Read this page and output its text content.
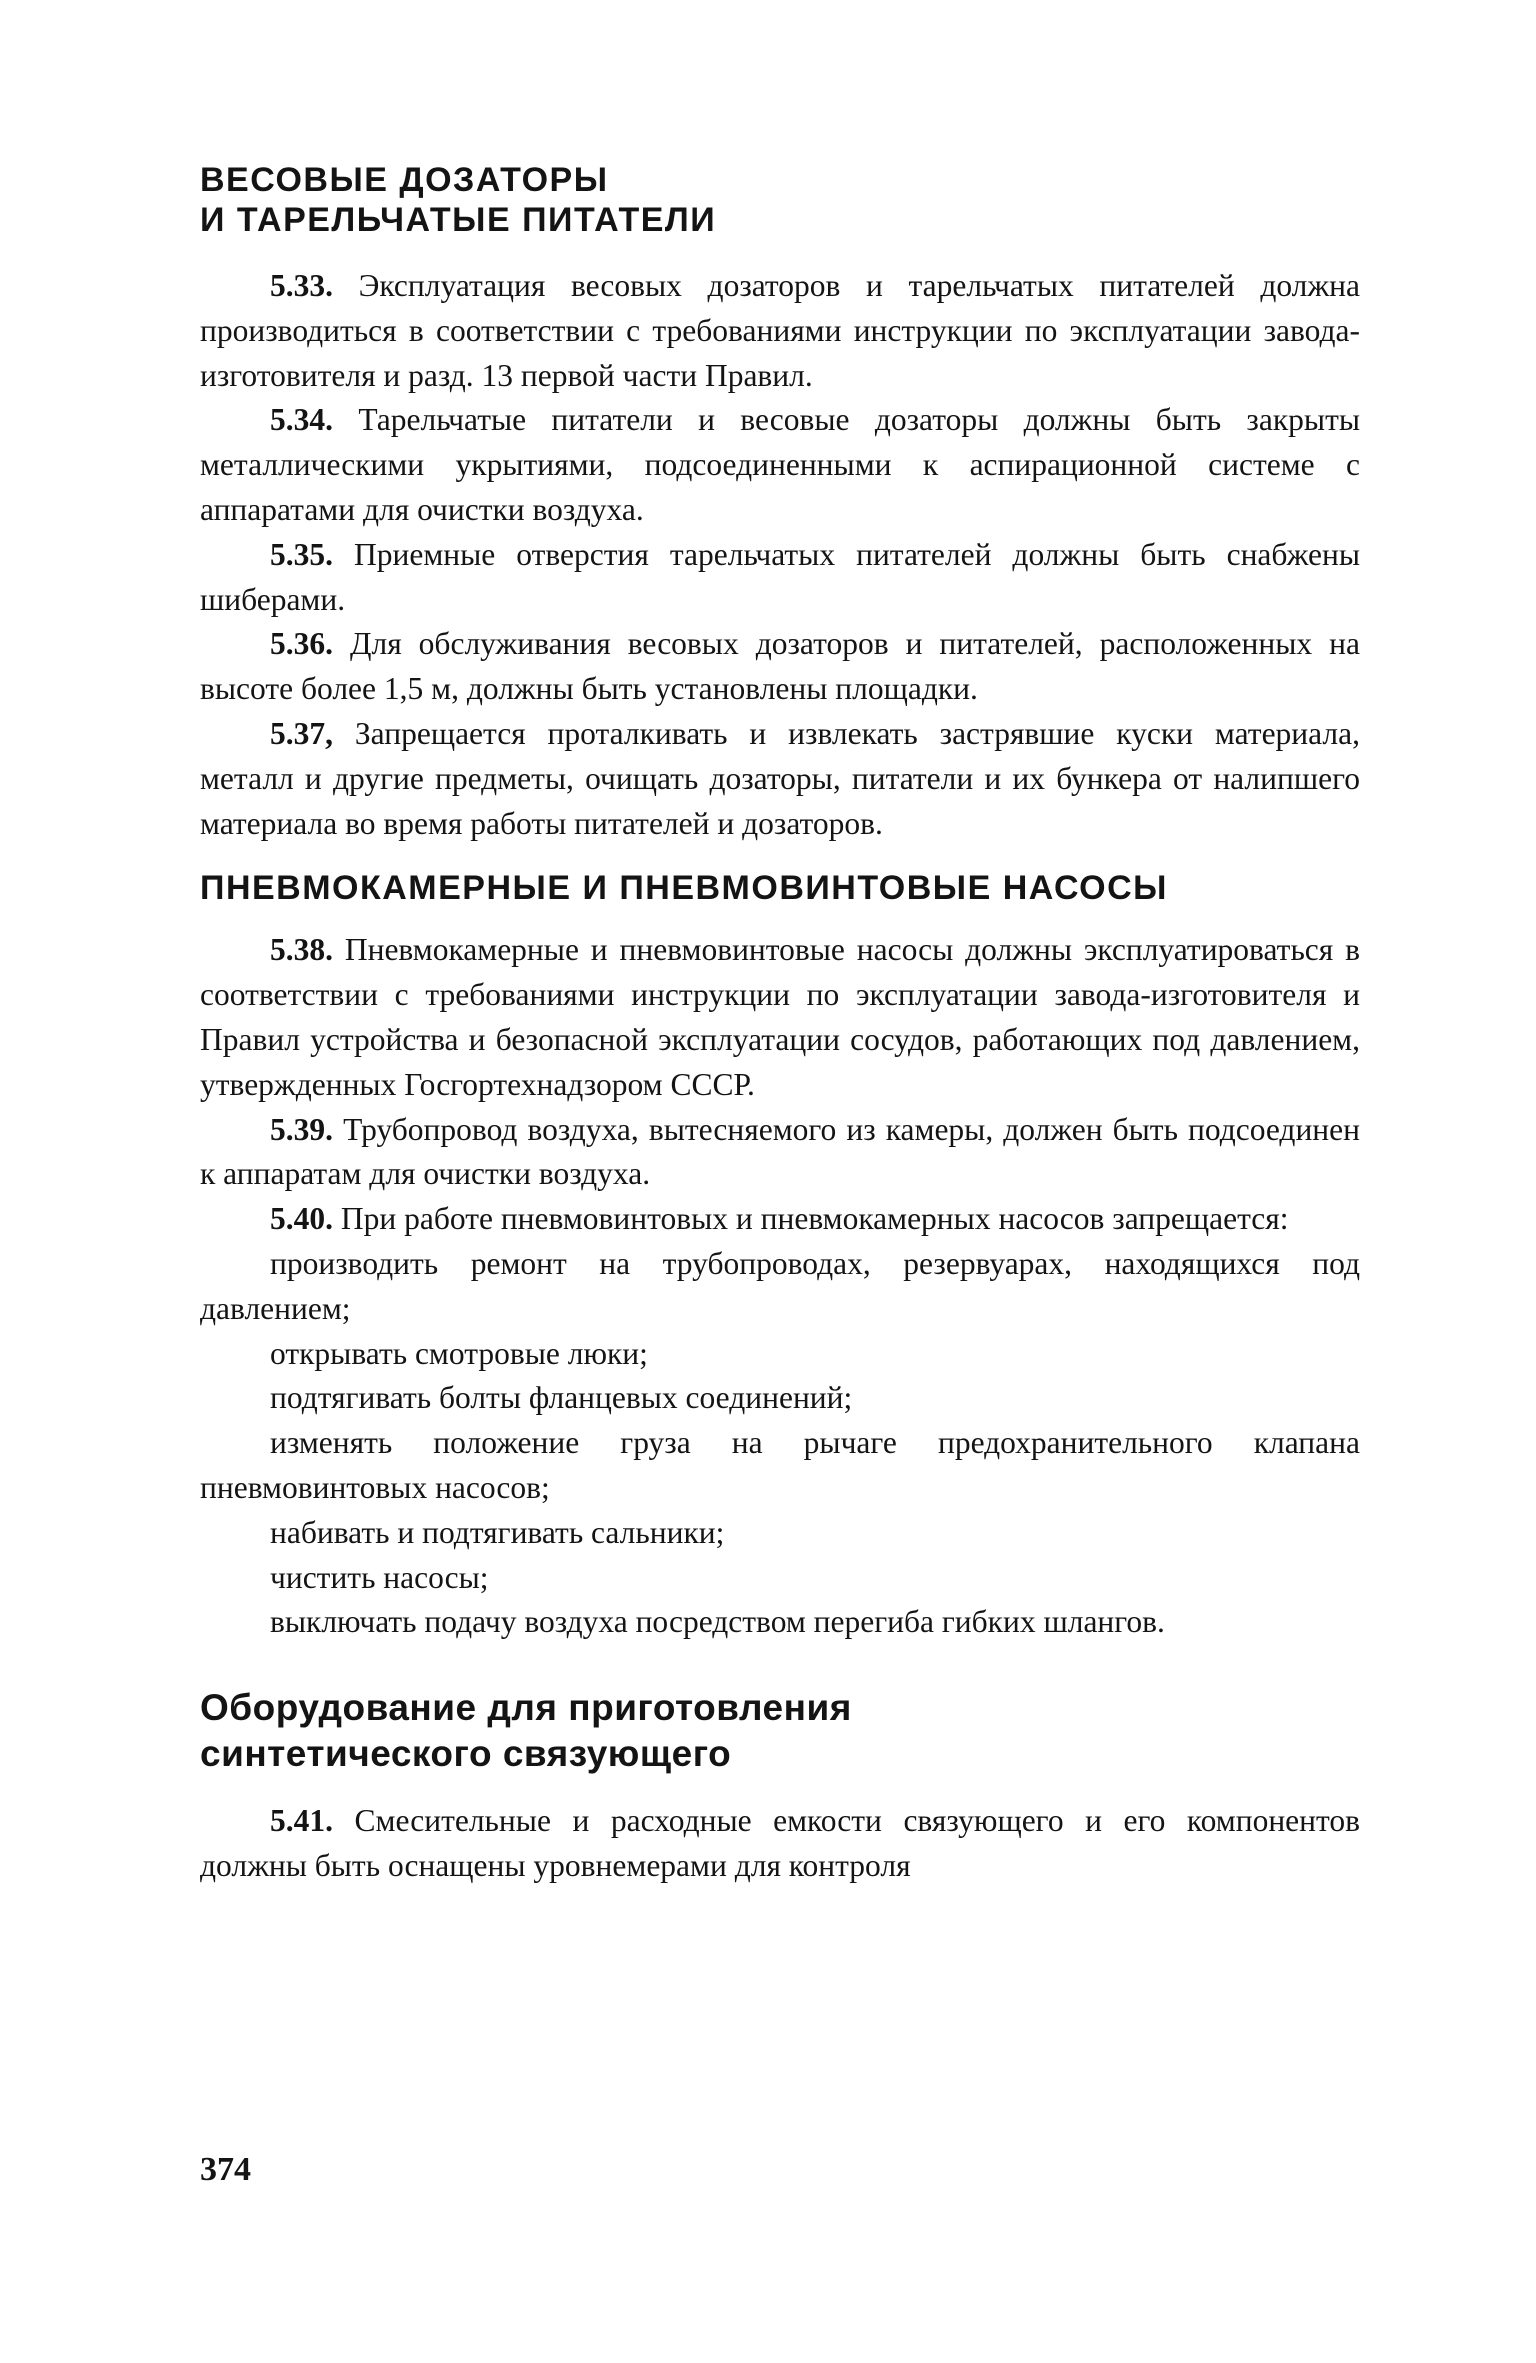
ВЕСОВЫЕ ДОЗАТОРЫ
И ТАРЕЛЬЧАТЫЕ ПИТАТЕЛИ

5.33. Эксплуатация весовых дозаторов и тарельчатых питателей должна производиться в соответствии с требованиями инструкции по эксплуатации завода-изготовителя и разд. 13 первой части Правил.

5.34. Тарельчатые питатели и весовые дозаторы должны быть закрыты металлическими укрытиями, подсоединенными к аспирационной системе с аппаратами для очистки воздуха.

5.35. Приемные отверстия тарельчатых питателей должны быть снабжены шиберами.

5.36. Для обслуживания весовых дозаторов и питателей, расположенных на высоте более 1,5 м, должны быть установлены площадки.

5.37, Запрещается проталкивать и извлекать застрявшие куски материала, металл и другие предметы, очищать дозаторы, питатели и их бункера от налипшего материала во время работы питателей и дозаторов.

ПНЕВМОКАМЕРНЫЕ И ПНЕВМОВИНТОВЫЕ НАСОСЫ

5.38. Пневмокамерные и пневмовинтовые насосы должны эксплуатироваться в соответствии с требованиями инструкции по эксплуатации завода-изготовителя и Правил устройства и безопасной эксплуатации сосудов, работающих под давлением, утвержденных Госгортехнадзором СССР.

5.39. Трубопровод воздуха, вытесняемого из камеры, должен быть подсоединен к аппаратам для очистки воздуха.

5.40. При работе пневмовинтовых и пневмокамерных насосов запрещается:

производить ремонт на трубопроводах, резервуарах, находящихся под давлением;

открывать смотровые люки;

подтягивать болты фланцевых соединений;

изменять положение груза на рычаге предохранительного клапана пневмовинтовых насосов;

набивать и подтягивать сальники;

чистить насосы;

выключать подачу воздуха посредством перегиба гибких шлангов.

Оборудование для приготовления
синтетического связующего

5.41. Смесительные и расходные емкости связующего и его компонентов должны быть оснащены уровнемерами для контроля

374
